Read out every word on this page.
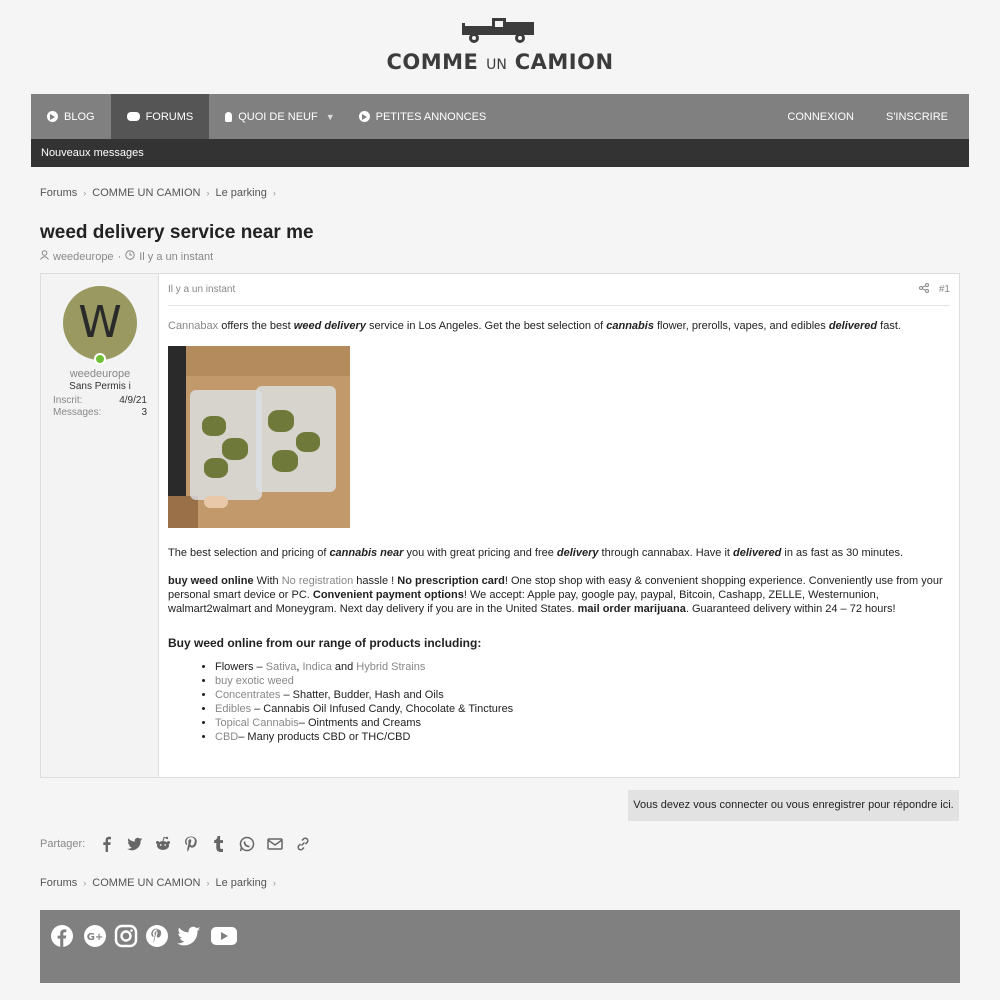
COMME UN CAMION
BLOG	FORUMS	QUOI DE NEUF ▼	PETITES ANNONCES	CONNEXION	S'INSCRIRE
Nouveaux messages
Forums › COMME UN CAMION › Le parking ›
weed delivery service near me
weedeurope · Il y a un instant
W
weedeurope
Sans Permis i
Inscrit:	4/9/21
Messages:	3
Il y a un instant	#1

Cannabax offers the best weed delivery service in Los Angeles. Get the best selection of cannabis flower, prerolls, vapes, and edibles delivered fast.

The best selection and pricing of cannabis near you with great pricing and free delivery through cannabax. Have it delivered in as fast as 30 minutes.

buy weed online With No registration hassle ! No prescription card! One stop shop with easy & convenient shopping experience. Conveniently use from your personal smart device or PC. Convenient payment options! We accept: Apple pay, google pay, paypal, Bitcoin, Cashapp, ZELLE, Westernunion, walmart2walmart and Moneygram. Next day delivery if you are in the United States. mail order marijuana. Guaranteed delivery within 24 – 72 hours!

Buy weed online from our range of products including:
• Flowers – Sativa, Indica and Hybrid Strains
• buy exotic weed
• Concentrates – Shatter, Budder, Hash and Oils
• Edibles – Cannabis Oil Infused Candy, Chocolate & Tinctures
• Topical Cannabis– Ointments and Creams
• CBD– Many products CBD or THC/CBD
Vous devez vous connecter ou vous enregistrer pour répondre ici.
Partager:
Forums › COMME UN CAMION › Le parking ›
G+
